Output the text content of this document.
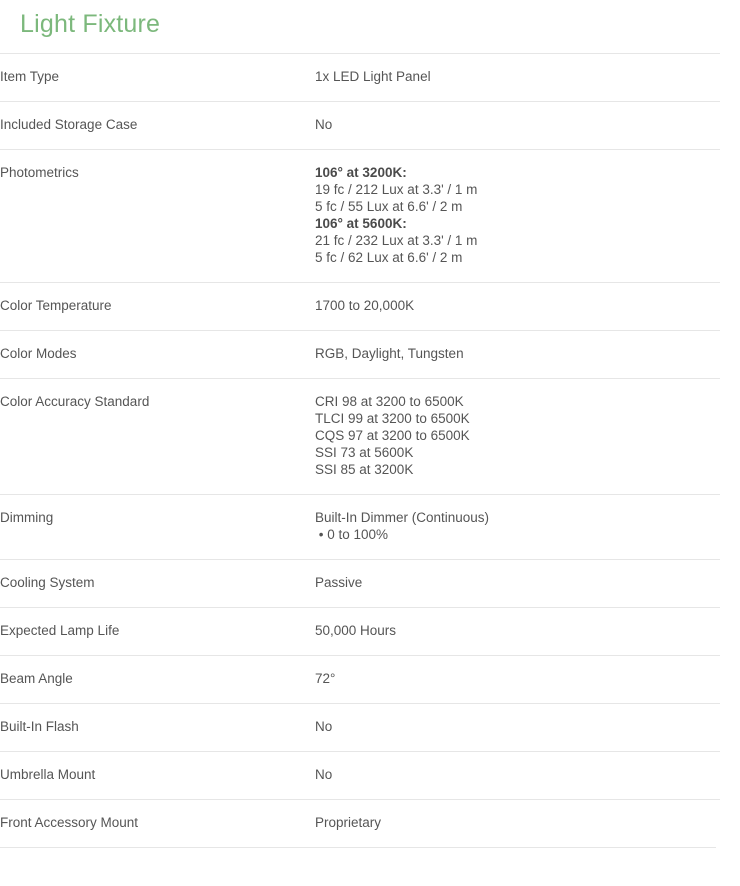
Light Fixture
Item Type	1x LED Light Panel

Included Storage Case	No

Photometrics	106° at 3200K:
19 fc / 212 Lux at 3.3' / 1 m
5 fc / 55 Lux at 6.6' / 2 m
106° at 5600K:
21 fc / 232 Lux at 3.3' / 1 m
5 fc / 62 Lux at 6.6' / 2 m

Color Temperature	1700 to 20,000K

Color Modes	RGB, Daylight, Tungsten

Color Accuracy Standard	CRI 98 at 3200 to 6500K
TLCI 99 at 3200 to 6500K
CQS 97 at 3200 to 6500K
SSI 73 at 5600K
SSI 85 at 3200K

Dimming	Built-In Dimmer (Continuous)
• 0 to 100%

Cooling System	Passive

Expected Lamp Life	50,000 Hours

Beam Angle	72°

Built-In Flash	No

Umbrella Mount	No

Front Accessory Mount	Proprietary
